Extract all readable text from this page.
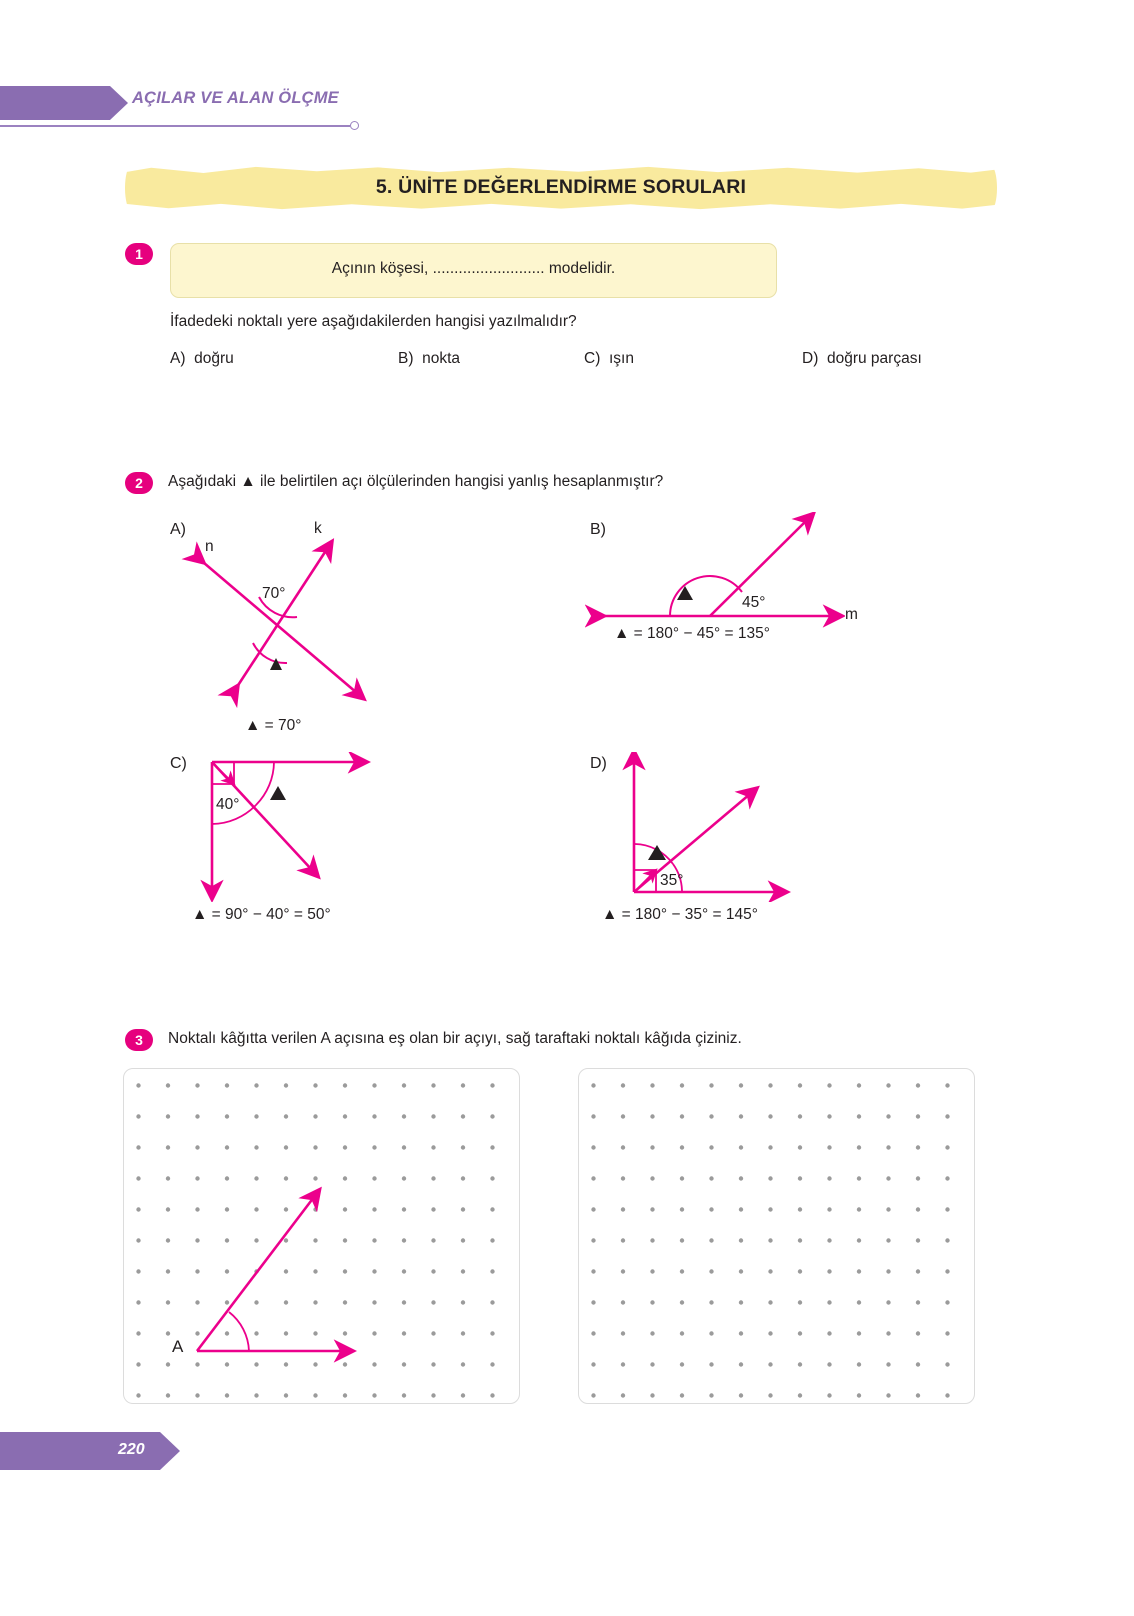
AÇILAR VE ALAN ÖLÇME
5. ÜNİTE DEĞERLENDİRME SORULARI
1
Açının köşesi, .......................... modelidir.
İfadedeki noktalı yere aşağıdakilerden hangisi yazılmalıdır?
A) doğru	B) nokta	C) ışın	D) doğru parçası
2	Aşağıdaki ▲ ile belirtilen açı ölçülerinden hangisi yanlış hesaplanmıştır?
A)
n
k
70°
▲ = 70°
B)
m
45°
▲ = 180° − 45° = 135°
C)
40°
▲ = 90° − 40° = 50°
D)
35°
▲ = 180° − 35° = 145°
3	Noktalı kâğıtta verilen A açısına eş olan bir açıyı, sağ taraftaki noktalı kâğıda çiziniz.
A
220
